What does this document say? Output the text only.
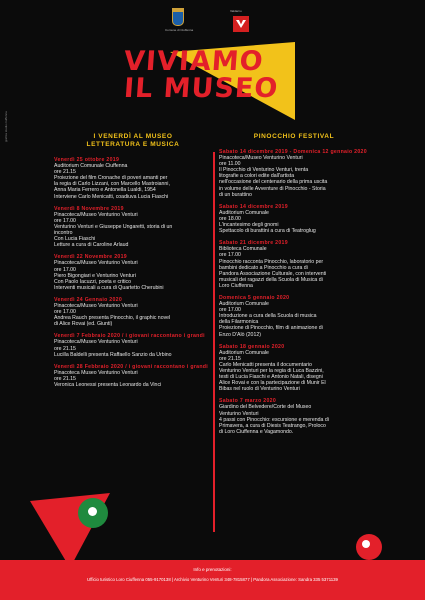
Comune di Ciuffenna
Valdarno
grafica studio ciuffenna
VIVIAMO
IL MUSEO
I VENERDÌ AL MUSEO
LETTERATURA E MUSICA
Venerdì 25 ottobre 2019
Auditorium Comunale Ciuffenna
ore 21.15
Proiezione del film Cronache di poveri amanti per
la regia di Carlo Lizzani, con Marcello Mastroianni,
Anna Maria Ferrero e Antonella Lualdi, 1954
Interviene Carlo Menicatti, coadiuva Lucia Fiaschi
Venerdì 8 Novembre 2019
Pinacoteca/Museo Venturino Venturi
ore 17.00
Venturino Venturi e Giuseppe Ungaretti, storia di un
incontro
Con Lucia Fiaschi
Letture a cura di Caroline Arlaud
Venerdì 22 Novembre 2019
Pinacoteca/Museo Venturino Venturi
ore 17.00
Piero Bigongiari e Venturino Venturi
Con Paolo Iacuzzi, poeta e critico
Interventi musicali a cura di Quartetto Cherubini
Venerdì 24 Gennaio 2020
Pinacoteca/Museo Venturino Venturi
ore 17.00
Andrea Rauch presenta Pinocchio, il graphic novel
di Alice Rovai (ed. Giunti)
Venerdì 7 Febbraio 2020 / i giovani raccontano i grandi
Pinacoteca/Museo Venturino Venturi
ore 21.15
Lucilla Baldelli presenta Raffaello Sanzio da Urbino
Venerdì 28 Febbraio 2020 / i giovani raccontano i grandi
Pinacoteca Museo Venturino Venturi
ore 21.15
Veronica Leonessi presenta Leonardo da Vinci
PINOCCHIO FESTIVAL
Sabato 14 dicembre 2019 - Domenica 12 gennaio 2020
Pinacoteca/Museo Venturino Venturi
ore 11.00
Il Pinocchio di Venturino Venturi, trenta
litografie a colori edite dall'artista
nell'occasione del centenario della prima uscita
in volume delle Avventure di Pinocchio - Storia
di un burattino
Sabato 14 dicembre 2019
Auditorium Comunale
ore 18.00
L'incantesimo degli gnomi
Spettacolo di burattini a cura di Teatroglug
Sabato 21 dicembre 2019
Biblioteca Comunale
ore 17.00
Pinocchio racconta Pinocchio, laboratorio per
bambini dedicato a Pinocchio a cura di
Pandora Associazione Culturale, con interventi
musicali dei ragazzi della Scuola di Musica di
Loro Ciuffenna
Domenica 5 gennaio 2020
Auditorium Comunale
ore 17.00
Introduzione a cura della Scuola di musica
della Filarmonica
Proiezione di Pinocchio, film di animazione di
Enzo D'Alò (2012)
Sabato 18 gennaio 2020
Auditorium Comunale
ore 21.15
Carlo Menicatti presenta il documentario
Venturino Venturi per la regia di Luca Bazzini,
testi di Lucia Fiaschi e Antonio Natali, disegni
Alice Rovai e con la partecipazione di Munir El
Bibas nel ruolo di Venturino Venturi
Sabato 7 marzo 2020
Giardino del Belvedere/Corte del Museo
Venturino Venturi
4 passi con Pinocchio: escursione e merenda di
Primavera, a cura di Diesis Teatrango, Proloco
di Loro Ciuffenna e Vagamondo.
Info e prenotazioni:
Ufficio turistico Loro Ciuffenna 055-9170138 | Archivio Venturino Venturi 348-7815877 | Pandora Associazione: Sandra 335 5371139
